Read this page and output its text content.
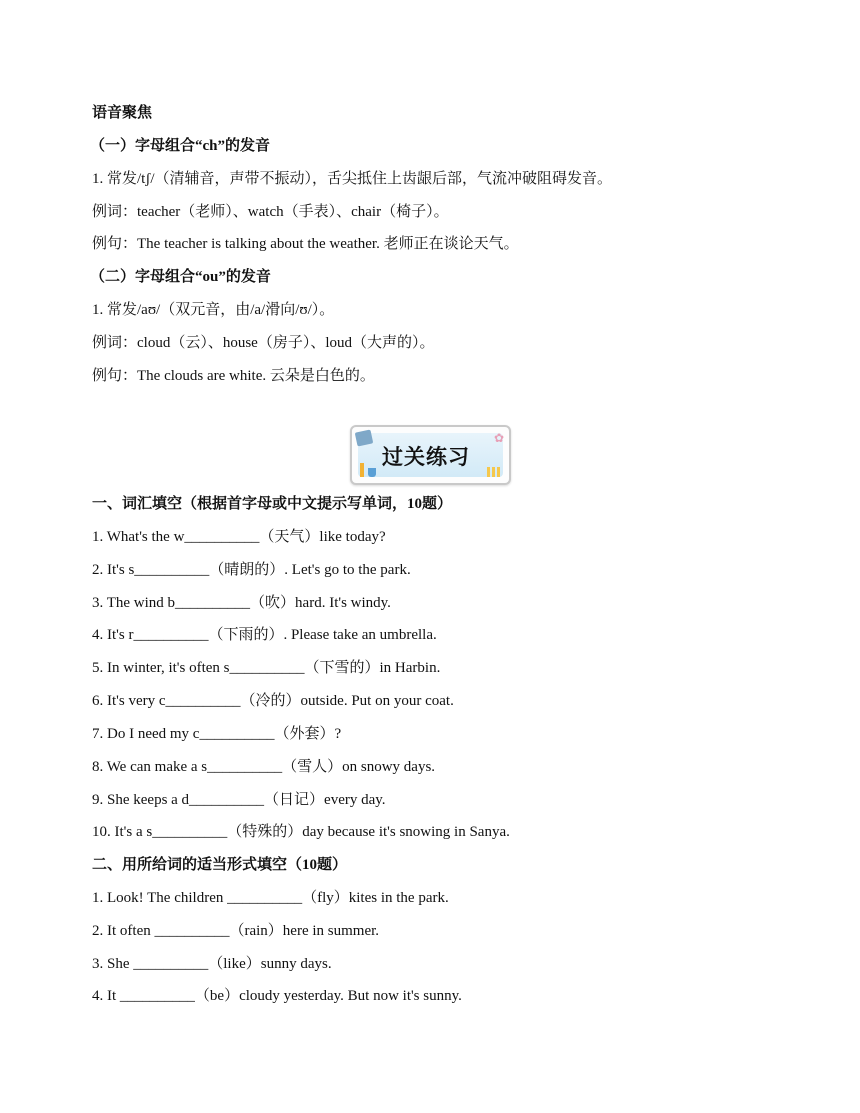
语音聚焦
（一）字母组合“ch”的发音
1. 常发/tʃ/（清辅音，声带不振动），舌尖抵住上齿龈后部，气流冲破阻碍发音。
例词：teacher（老师）、watch（手表）、chair（椅子）。
例句：The teacher is talking about the weather. 老师正在谈论天气。
（二）字母组合“ou”的发音
1. 常发/aʊ/（双元音，由/a/滑向/ʊ/）。
例词：cloud（云）、house（房子）、loud（大声的）。
例句：The clouds are white. 云朵是白色的。
✿
过关练习
一、词汇填空（根据首字母或中文提示写单词，10题）
1. What's the w__________（天气）like today?
2. It's s__________（晴朗的）. Let's go to the park.
3. The wind b__________（吹）hard. It's windy.
4. It's r__________（下雨的）. Please take an umbrella.
5. In winter, it's often s__________（下雪的）in Harbin.
6. It's very c__________（冷的）outside. Put on your coat.
7. Do I need my c__________（外套）?
8. We can make a s__________（雪人）on snowy days.
9. She keeps a d__________（日记）every day.
10. It's a s__________（特殊的）day because it's snowing in Sanya.
二、用所给词的适当形式填空（10题）
1. Look! The children __________（fly）kites in the park.
2. It often __________（rain）here in summer.
3. She __________（like）sunny days.
4. It __________（be）cloudy yesterday. But now it's sunny.
